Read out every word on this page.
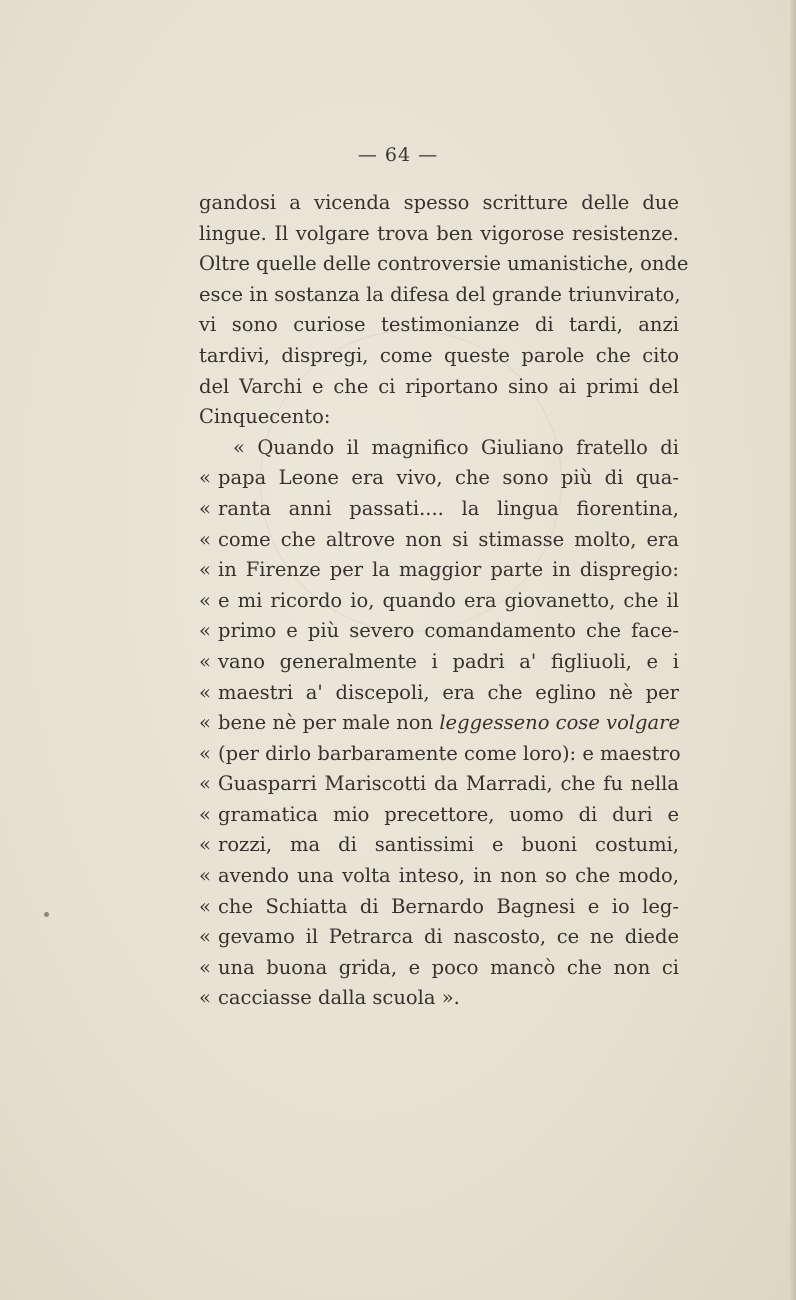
— 64 —
gandosi a vicenda spesso scritture delle due
lingue. Il volgare trova ben vigorose resistenze.
Oltre quelle delle controversie umanistiche, onde
esce in sostanza la difesa del grande triunvirato,
vi sono curiose testimonianze di tardi, anzi
tardivi, dispregi, come queste parole che cito
del Varchi e che ci riportano sino ai primi del
Cinquecento:
« Quando il magnifico Giuliano fratello di
« papa Leone era vivo, che sono più di qua-
« ranta anni passati.... la lingua fiorentina,
« come che altrove non si stimasse molto, era
« in Firenze per la maggior parte in dispregio:
« e mi ricordo io, quando era giovanetto, che il
« primo e più severo comandamento che face-
« vano generalmente i padri a' figliuoli, e i
« maestri a' discepoli, era che eglino nè per
« bene nè per male non leggesseno cose volgare
« (per dirlo barbaramente come loro): e maestro
« Guasparri Mariscotti da Marradi, che fu nella
« gramatica mio precettore, uomo di duri e
« rozzi, ma di santissimi e buoni costumi,
« avendo una volta inteso, in non so che modo,
« che Schiatta di Bernardo Bagnesi e io leg-
« gevamo il Petrarca di nascosto, ce ne diede
« una buona grida, e poco mancò che non ci
« cacciasse dalla scuola ».
